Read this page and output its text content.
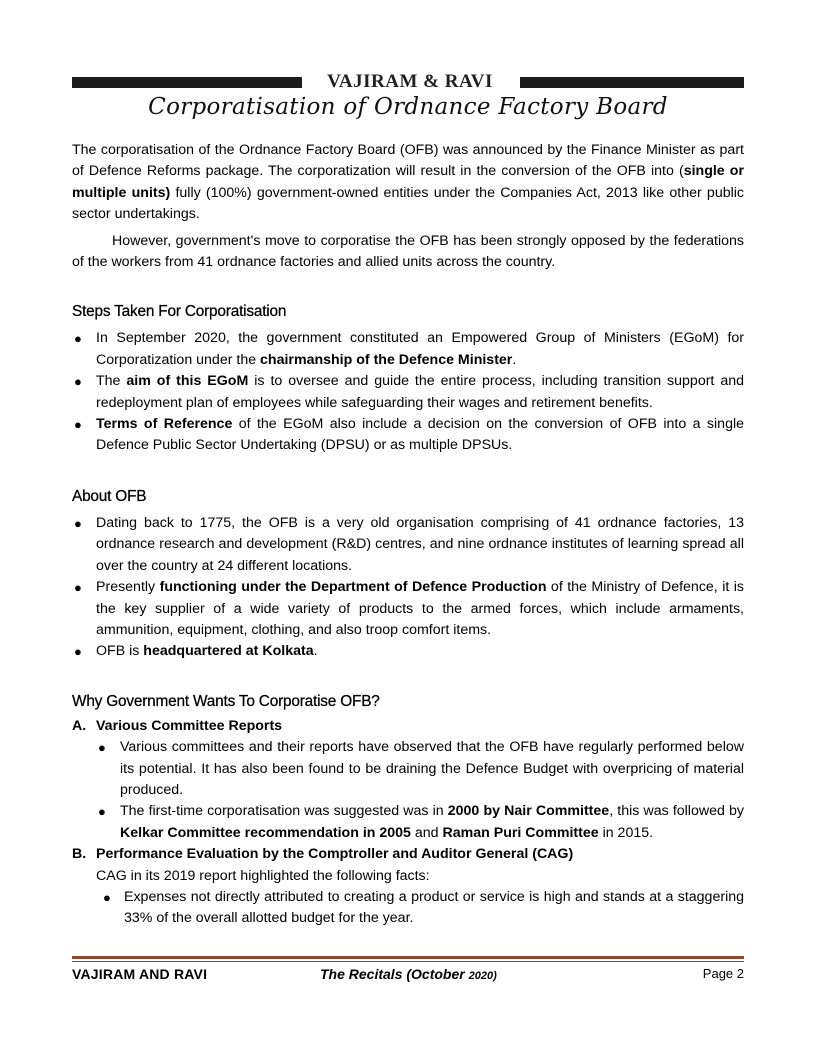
VAJIRAM & RAVI
Corporatisation of Ordnance Factory Board

The corporatisation of the Ordnance Factory Board (OFB) was announced by the Finance Minister as part of Defence Reforms package. The corporatization will result in the conversion of the OFB into (single or multiple units) fully (100%) government-owned entities under the Companies Act, 2013 like other public sector undertakings.

However, government's move to corporatise the OFB has been strongly opposed by the federations of the workers from 41 ordnance factories and allied units across the country.

Steps Taken For Corporatisation
● In September 2020, the government constituted an Empowered Group of Ministers (EGoM) for Corporatization under the chairmanship of the Defence Minister.
● The aim of this EGoM is to oversee and guide the entire process, including transition support and redeployment plan of employees while safeguarding their wages and retirement benefits.
● Terms of Reference of the EGoM also include a decision on the conversion of OFB into a single Defence Public Sector Undertaking (DPSU) or as multiple DPSUs.
About OFB
● Dating back to 1775, the OFB is a very old organisation comprising of 41 ordnance factories, 13 ordnance research and development (R&D) centres, and nine ordnance institutes of learning spread all over the country at 24 different locations.
● Presently functioning under the Department of Defence Production of the Ministry of Defence, it is the key supplier of a wide variety of products to the armed forces, which include armaments, ammunition, equipment, clothing, and also troop comfort items.
● OFB is headquartered at Kolkata.
Why Government Wants To Corporatise OFB?
A. Various Committee Reports
● Various committees and their reports have observed that the OFB have regularly performed below its potential. It has also been found to be draining the Defence Budget with overpricing of material produced.
● The first-time corporatisation was suggested was in 2000 by Nair Committee, this was followed by Kelkar Committee recommendation in 2005 and Raman Puri Committee in 2015.
B. Performance Evaluation by the Comptroller and Auditor General (CAG)
CAG in its 2019 report highlighted the following facts:
● Expenses not directly attributed to creating a product or service is high and stands at a staggering 33% of the overall allotted budget for the year.
VAJIRAM AND RAVI	The Recitals (October 2020)	Page 2
